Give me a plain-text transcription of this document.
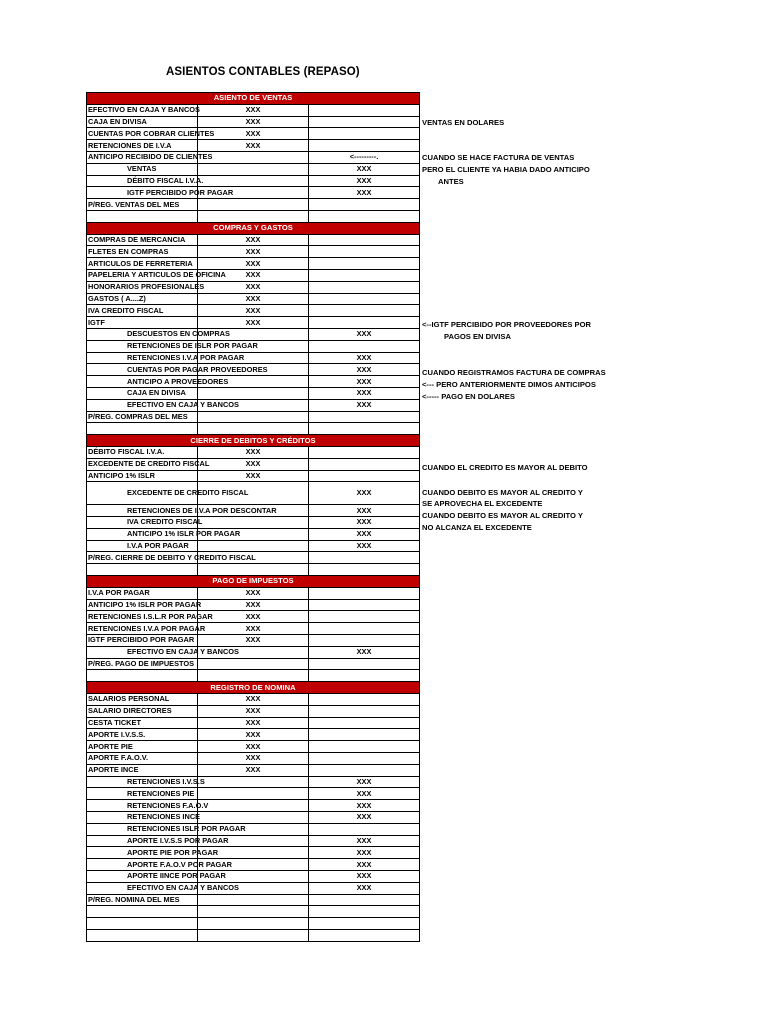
ASIENTOS CONTABLES (REPASO)
ASIENTO DE VENTAS		
EFECTIVO EN CAJA Y BANCOS	XXX	
CAJA EN DIVISA	XXX	
CUENTAS POR COBRAR CLIENTES	XXX	
RETENCIONES DE I.V.A	XXX	
ANTICIPO RECIBIDO DE CLIENTES		<---------.
VENTAS		XXX
DÉBITO FISCAL I.V.A.		XXX
IGTF PERCIBIDO POR PAGAR		XXX
P/REG. VENTAS DEL MES		

COMPRAS Y GASTOS		
COMPRAS DE MERCANCIA	XXX	
FLETES EN COMPRAS	XXX	
ARTICULOS DE FERRETERIA	XXX	
PAPELERIA Y ARTICULOS DE OFICINA	XXX	
HONORARIOS PROFESIONALES	XXX	
GASTOS ( A....Z)	XXX	
IVA CREDITO FISCAL	XXX	
IGTF	XXX	
DESCUESTOS EN COMPRAS		XXX
RETENCIONES DE ISLR POR PAGAR		
RETENCIONES I.V.A POR PAGAR		XXX
CUENTAS POR PAGAR PROVEEDORES		XXX
ANTICIPO A PROVEEDORES		XXX
CAJA EN DIVISA		XXX
EFECTIVO EN CAJA Y BANCOS		XXX
P/REG. COMPRAS DEL MES		

CIERRE DE DEBITOS Y CRÉDITOS		
DÉBITO FISCAL I.V.A.	XXX	
EXCEDENTE DE CREDITO FISCAL	XXX	
ANTICIPO 1% ISLR	XXX	
EXCEDENTE DE CREDITO FISCAL		XXX
RETENCIONES DE I.V.A POR DESCONTAR		XXX
IVA CREDITO FISCAL		XXX
ANTICIPO 1% ISLR POR PAGAR		XXX
I.V.A POR PAGAR		XXX
P/REG. CIERRE DE DEBITO Y CREDITO FISCAL		

PAGO DE IMPUESTOS		
I.V.A POR PAGAR	XXX	
ANTICIPO 1% ISLR POR PAGAR	XXX	
RETENCIONES I.S.L.R POR PAGAR	XXX	
RETENCIONES I.V.A POR PAGAR	XXX	
IGTF PERCIBIDO POR PAGAR	XXX	
EFECTIVO EN CAJA Y BANCOS		XXX
P/REG. PAGO DE IMPUESTOS		

REGISTRO DE NOMINA		
SALARIOS PERSONAL	XXX	
SALARIO DIRECTORES	XXX	
CESTA TICKET	XXX	
APORTE I.V.S.S.	XXX	
APORTE PIE	XXX	
APORTE F.A.O.V.	XXX	
APORTE INCE	XXX	
RETENCIONES I.V.S.S		XXX
RETENCIONES PIE		XXX
RETENCIONES F.A.O.V		XXX
RETENCIONES INCE		XXX
RETENCIONES ISLR POR PAGAR		
APORTE I.V.S.S POR PAGAR		XXX
APORTE PIE POR PAGAR		XXX
APORTE F.A.O.V POR PAGAR		XXX
APORTE IINCE POR PAGAR		XXX
EFECTIVO EN CAJA Y BANCOS		XXX
P/REG. NOMINA DEL MES		

VENTAS EN DOLARES
CUANDO SE HACE FACTURA DE VENTAS
PERO EL CLIENTE YA HABIA DADO ANTICIPO
ANTES
<--IGTF PERCIBIDO POR PROVEEDORES POR
PAGOS EN DIVISA
CUANDO REGISTRAMOS FACTURA DE COMPRAS
<--- PERO ANTERIORMENTE DIMOS ANTICIPOS
<----- PAGO EN DOLARES
CUANDO EL CREDITO ES MAYOR AL DEBITO
CUANDO DEBITO ES MAYOR AL CREDITO Y
SE APROVECHA EL EXCEDENTE
CUANDO DEBITO ES MAYOR AL CREDITO Y
NO ALCANZA EL EXCEDENTE
